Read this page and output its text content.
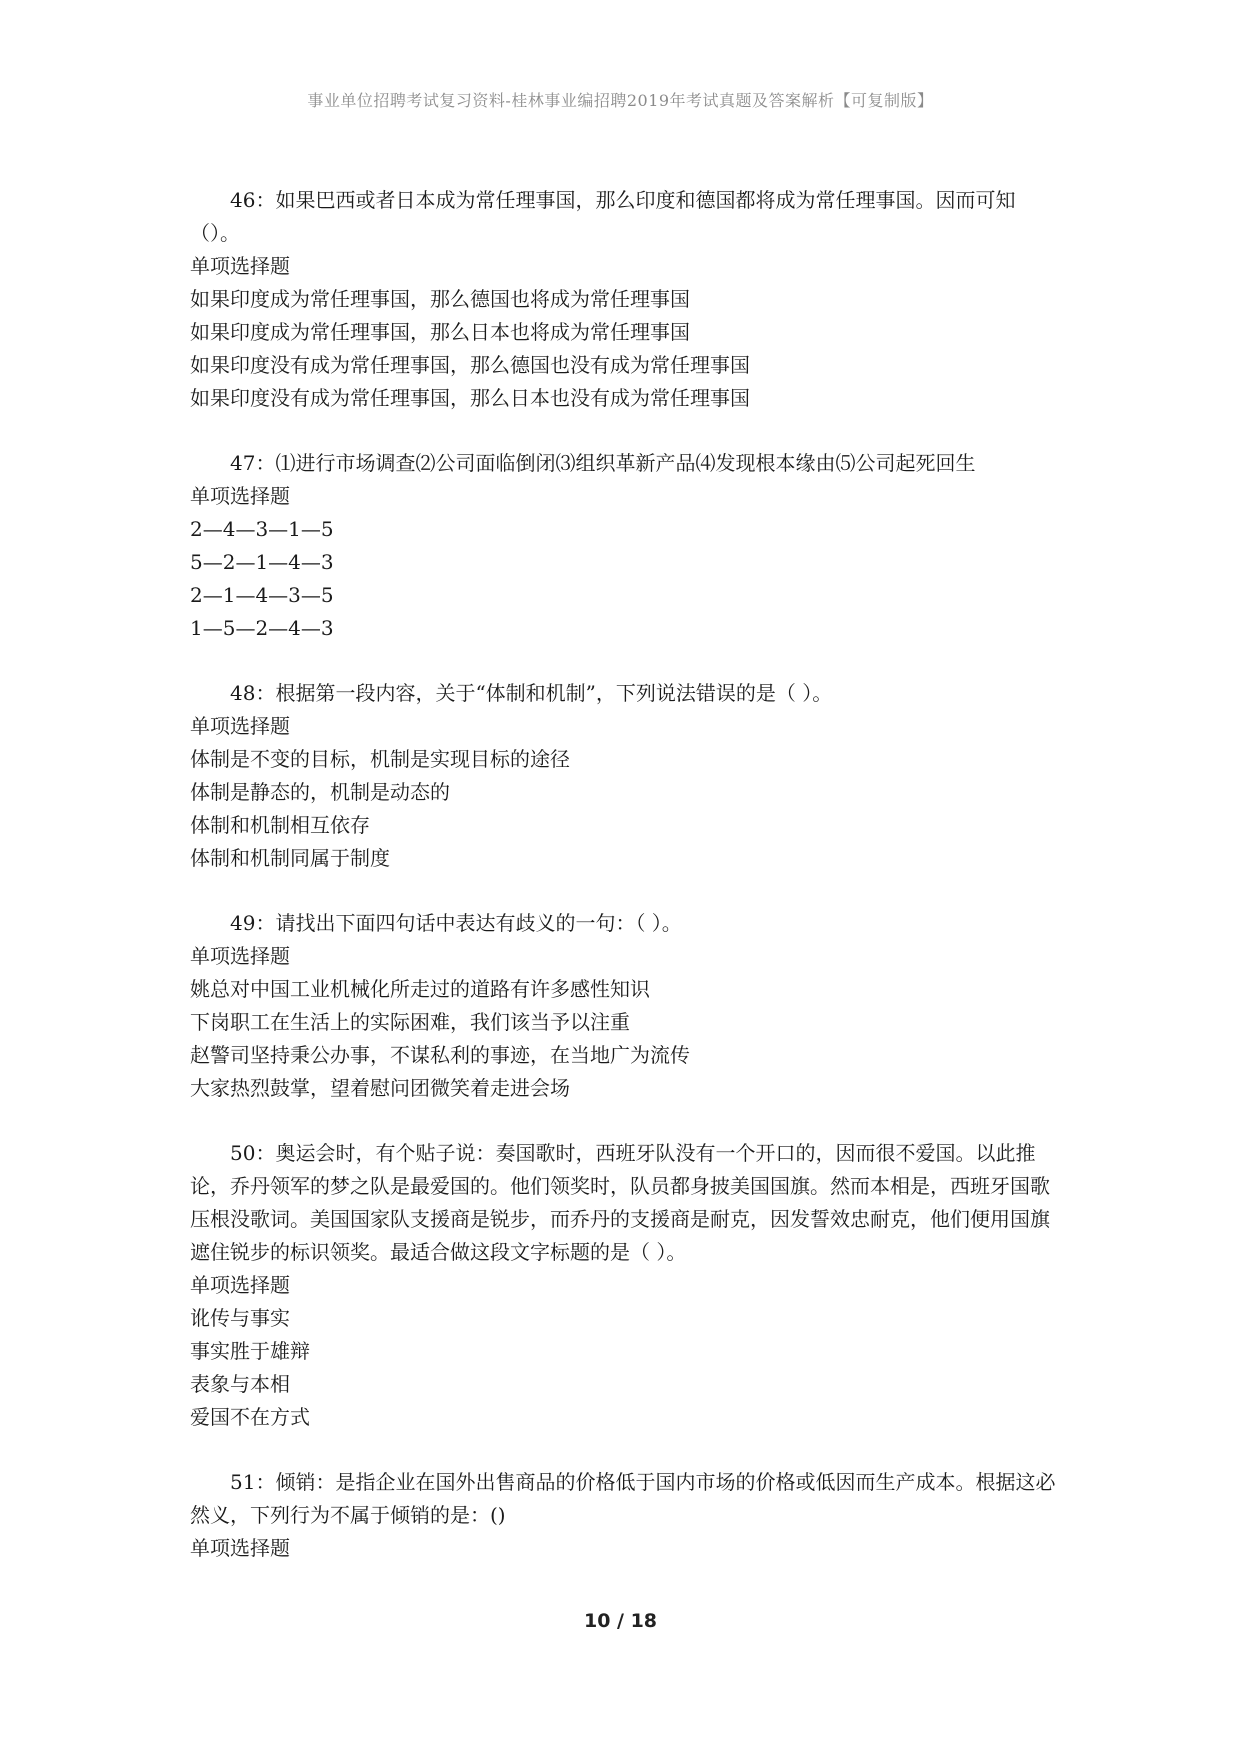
事业单位招聘考试复习资料-桂林事业编招聘2019年考试真题及答案解析【可复制版】

46：如果巴西或者日本成为常任理事国，那么印度和德国都将成为常任理事国。因而可知（）。

单项选择题

如果印度成为常任理事国，那么德国也将成为常任理事国

如果印度成为常任理事国，那么日本也将成为常任理事国

如果印度没有成为常任理事国，那么德国也没有成为常任理事国

如果印度没有成为常任理事国，那么日本也没有成为常任理事国

47：⑴进行市场调查⑵公司面临倒闭⑶组织革新产品⑷发现根本缘由⑸公司起死回生

单项选择题

2—4—3—1—5

5—2—1—4—3

2—1—4—3—5

1—5—2—4—3

48：根据第一段内容，关于“体制和机制”，下列说法错误的是（ ）。

单项选择题

体制是不变的目标，机制是实现目标的途径

体制是静态的，机制是动态的

体制和机制相互依存

体制和机制同属于制度

49：请找出下面四句话中表达有歧义的一句：（ ）。

单项选择题

姚总对中国工业机械化所走过的道路有许多感性知识

下岗职工在生活上的实际困难，我们该当予以注重

赵警司坚持秉公办事，不谋私利的事迹，在当地广为流传

大家热烈鼓掌，望着慰问团微笑着走进会场

50：奥运会时，有个贴子说：奏国歌时，西班牙队没有一个开口的，因而很不爱国。以此推论，乔丹领军的梦之队是最爱国的。他们领奖时，队员都身披美国国旗。然而本相是，西班牙国歌压根没歌词。美国国家队支援商是锐步，而乔丹的支援商是耐克，因发誓效忠耐克，他们便用国旗遮住锐步的标识领奖。最适合做这段文字标题的是（ ）。

单项选择题

讹传与事实

事实胜于雄辩

表象与本相

爱国不在方式

51：倾销：是指企业在国外出售商品的价格低于国内市场的价格或低因而生产成本。根据这必然义，下列行为不属于倾销的是：()

单项选择题

10 / 18
